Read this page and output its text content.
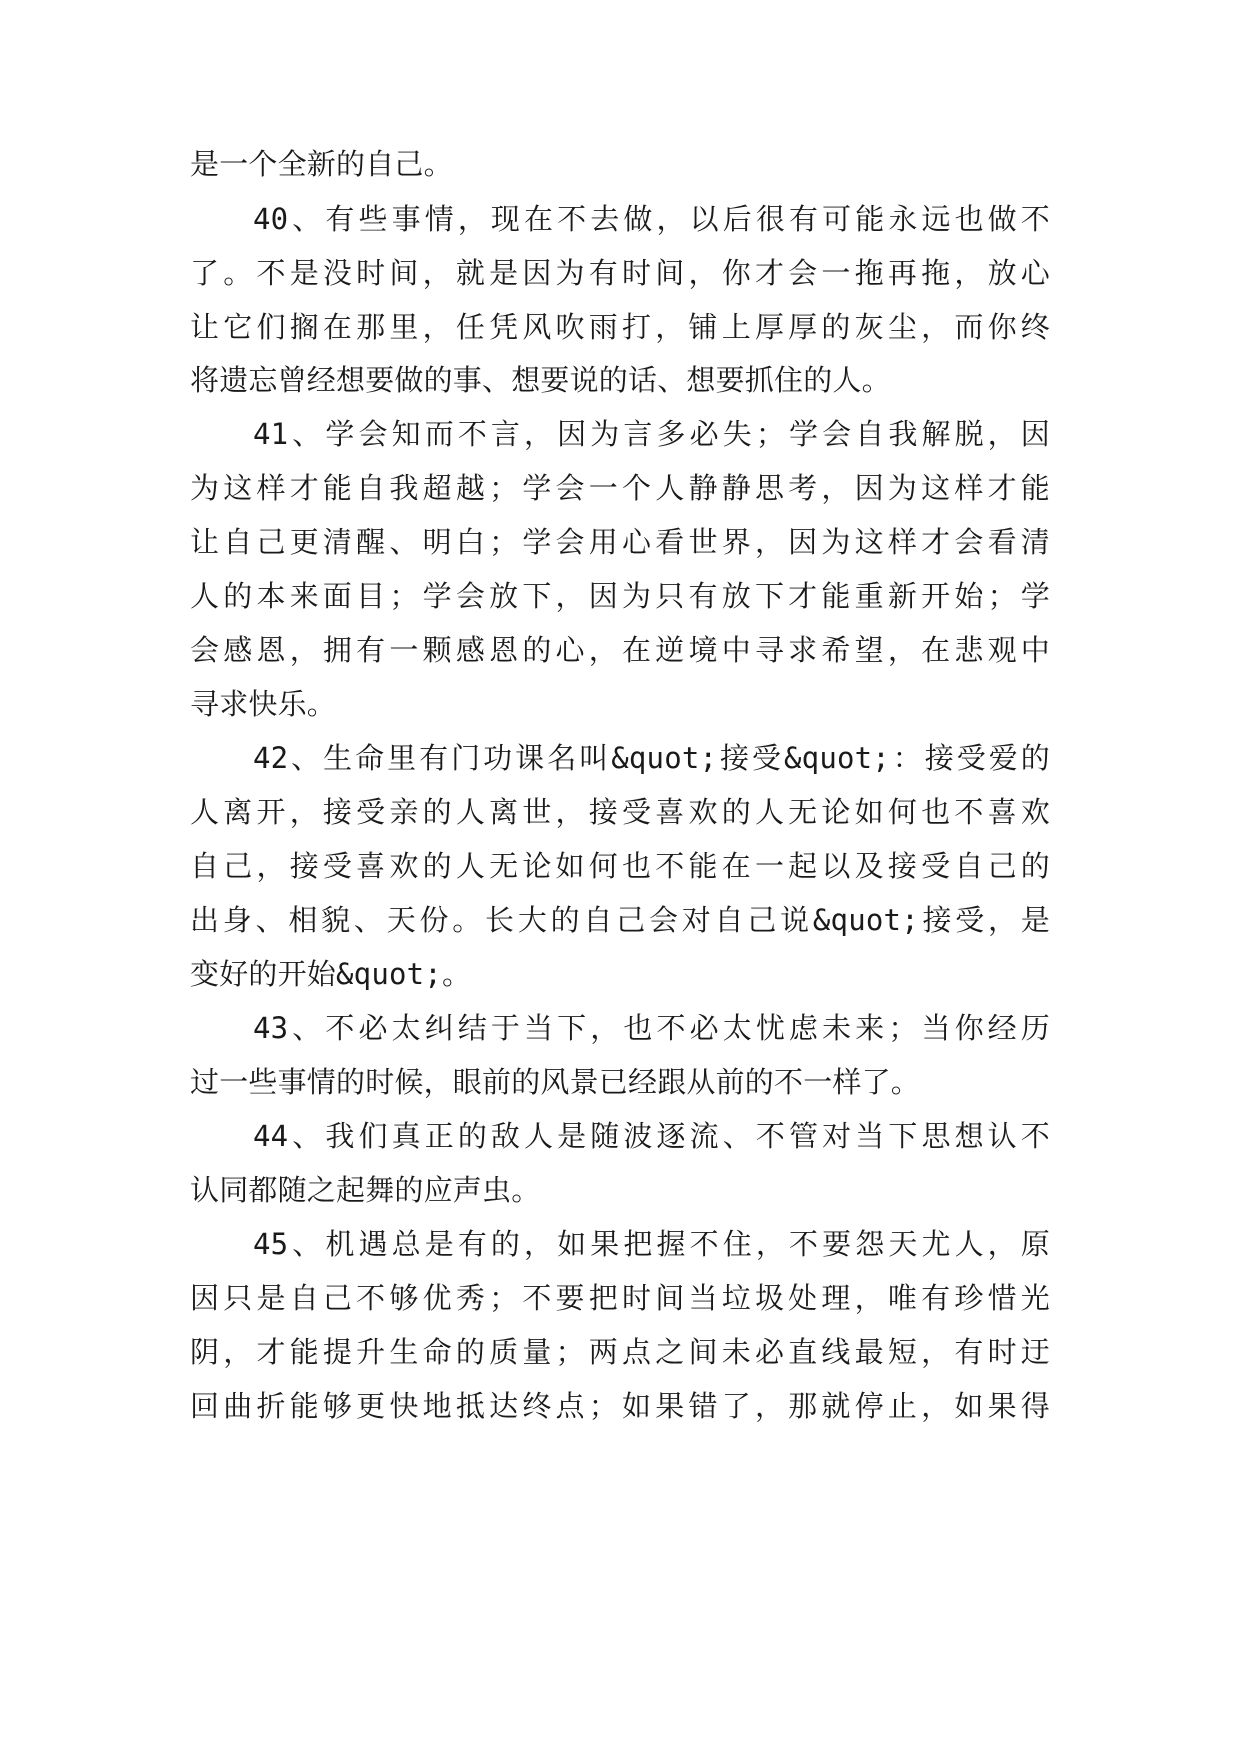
是一个全新的自己。
40、有些事情，现在不去做，以后很有可能永远也做不
了。不是没时间，就是因为有时间，你才会一拖再拖，放心
让它们搁在那里，任凭风吹雨打，铺上厚厚的灰尘，而你终
将遗忘曾经想要做的事、想要说的话、想要抓住的人。
41、学会知而不言，因为言多必失；学会自我解脱，因
为这样才能自我超越；学会一个人静静思考，因为这样才能
让自己更清醒、明白；学会用心看世界，因为这样才会看清
人的本来面目；学会放下，因为只有放下才能重新开始；学
会感恩，拥有一颗感恩的心，在逆境中寻求希望，在悲观中
寻求快乐。
42、生命里有门功课名叫&quot;接受&quot;：接受爱的
人离开，接受亲的人离世，接受喜欢的人无论如何也不喜欢
自己，接受喜欢的人无论如何也不能在一起以及接受自己的
出身、相貌、天份。长大的自己会对自己说&quot;接受，是
变好的开始&quot;。
43、不必太纠结于当下，也不必太忧虑未来；当你经历
过一些事情的时候，眼前的风景已经跟从前的不一样了。
44、我们真正的敌人是随波逐流、不管对当下思想认不
认同都随之起舞的应声虫。
45、机遇总是有的，如果把握不住，不要怨天尤人，原
因只是自己不够优秀；不要把时间当垃圾处理，唯有珍惜光
阴，才能提升生命的质量；两点之间未必直线最短，有时迂
回曲折能够更快地抵达终点；如果错了，那就停止，如果得
